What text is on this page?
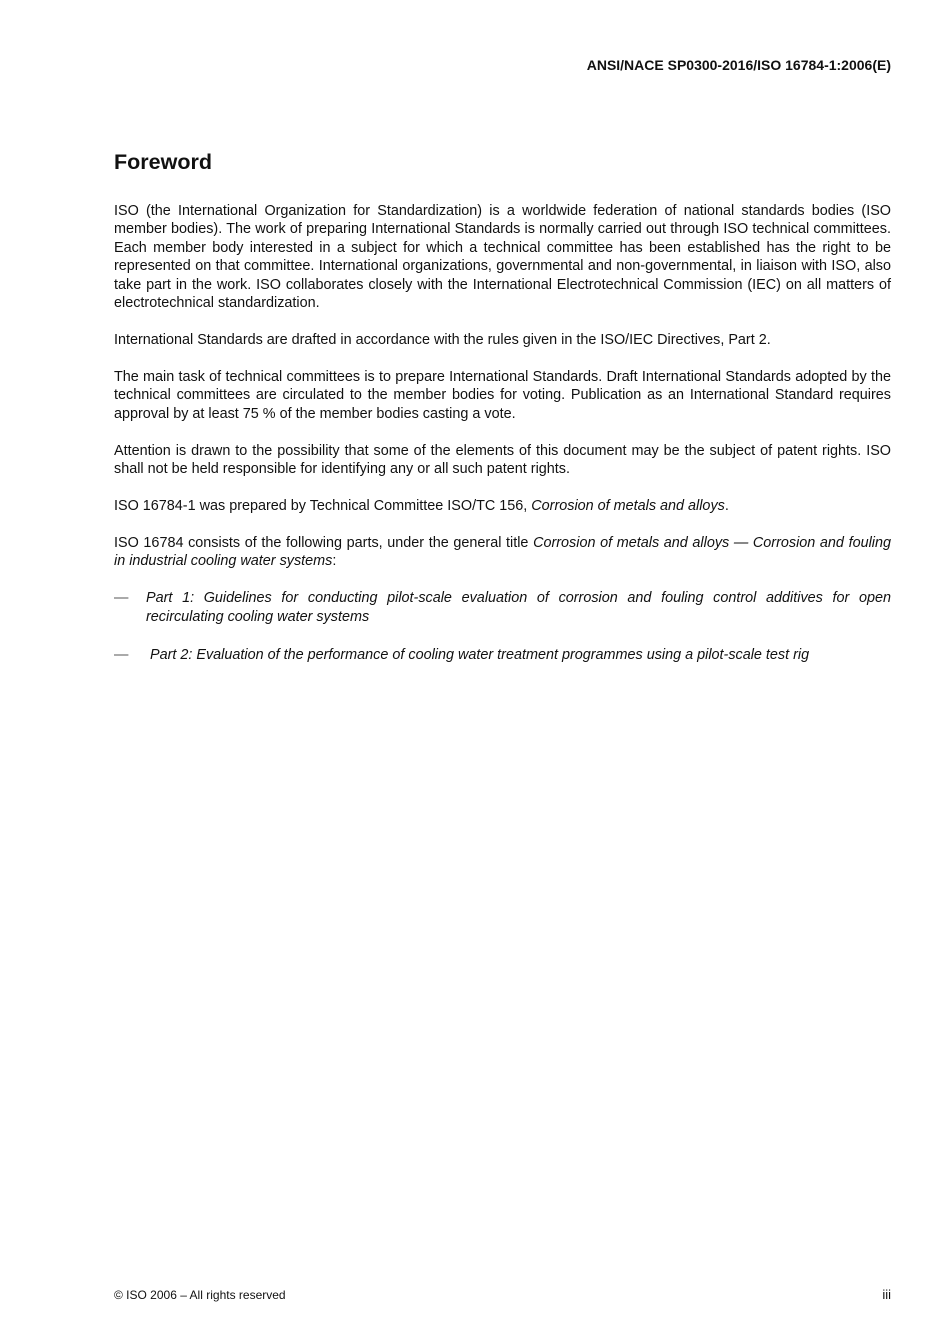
ANSI/NACE SP0300-2016/ISO 16784-1:2006(E)
Foreword

ISO (the International Organization for Standardization) is a worldwide federation of national standards bodies (ISO member bodies). The work of preparing International Standards is normally carried out through ISO technical committees. Each member body interested in a subject for which a technical committee has been established has the right to be represented on that committee. International organizations, governmental and non-governmental, in liaison with ISO, also take part in the work. ISO collaborates closely with the International Electrotechnical Commission (IEC) on all matters of electrotechnical standardization.

International Standards are drafted in accordance with the rules given in the ISO/IEC Directives, Part 2.

The main task of technical committees is to prepare International Standards. Draft International Standards adopted by the technical committees are circulated to the member bodies for voting. Publication as an International Standard requires approval by at least 75 % of the member bodies casting a vote.

Attention is drawn to the possibility that some of the elements of this document may be the subject of patent rights. ISO shall not be held responsible for identifying any or all such patent rights.

ISO 16784-1 was prepared by Technical Committee ISO/TC 156, Corrosion of metals and alloys.

ISO 16784 consists of the following parts, under the general title Corrosion of metals and alloys — Corrosion and fouling in industrial cooling water systems:

— Part 1: Guidelines for conducting pilot-scale evaluation of corrosion and fouling control additives for open recirculating cooling water systems
— Part 2: Evaluation of the performance of cooling water treatment programmes using a pilot-scale test rig
© ISO 2006 – All rights reserved	iii
